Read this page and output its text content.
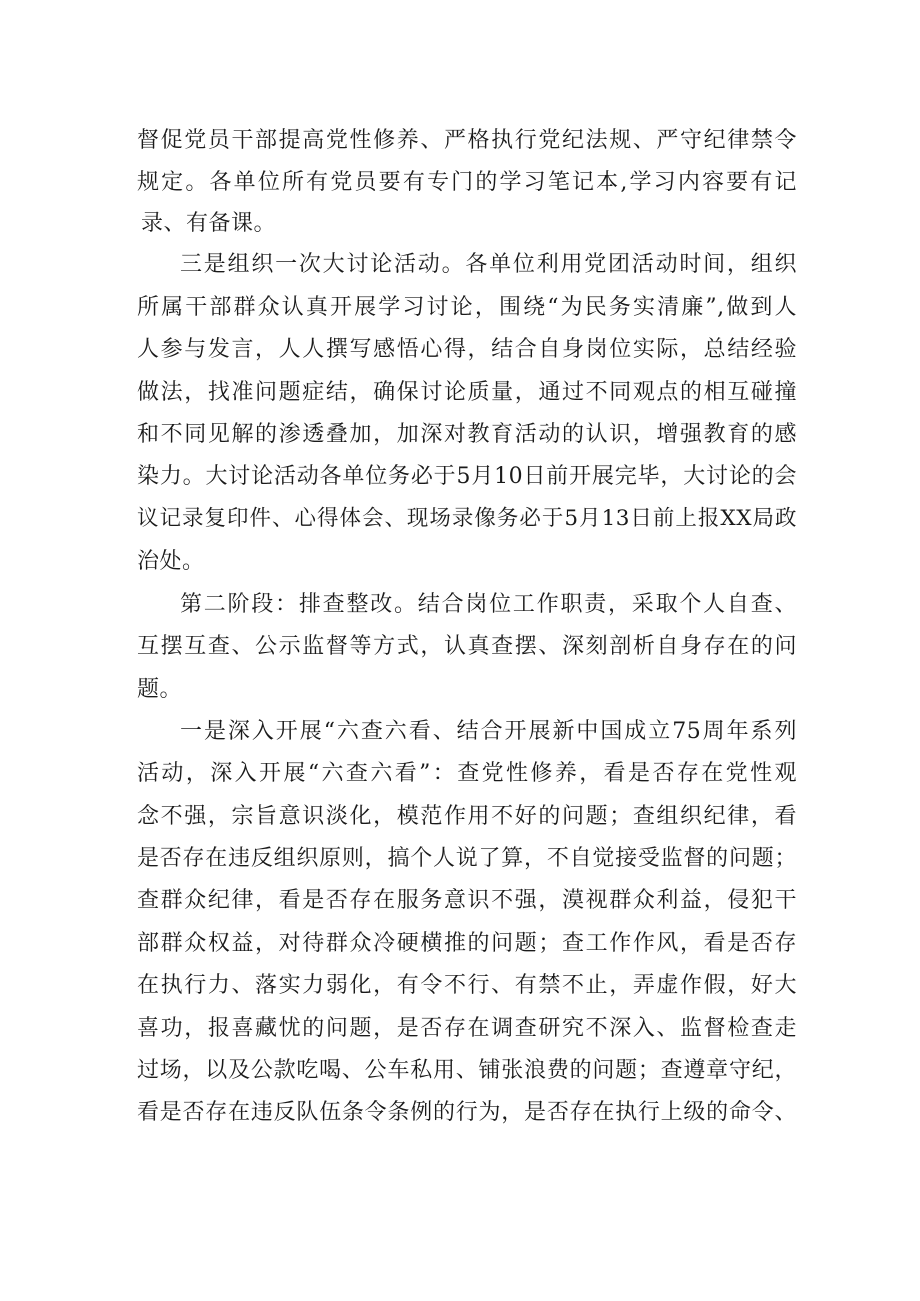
督促党员干部提高党性修养、严格执行党纪法规、严守纪律禁令
规定。各单位所有党员要有专门的学习笔记本,学习内容要有记
录、有备课。
三是组织一次大讨论活动。各单位利用党团活动时间，组织
所属干部群众认真开展学习讨论，围绕“为民务实清廉”,做到人
人参与发言，人人撰写感悟心得，结合自身岗位实际，总结经验
做法，找准问题症结，确保讨论质量，通过不同观点的相互碰撞
和不同见解的渗透叠加，加深对教育活动的认识，增强教育的感
染力。大讨论活动各单位务必于5月10日前开展完毕，大讨论的会
议记录复印件、心得体会、现场录像务必于5月13日前上报XX局政
治处。
第二阶段：排查整改。结合岗位工作职责，采取个人自查、
互摆互查、公示监督等方式，认真查摆、深刻剖析自身存在的问
题。
一是深入开展“六查六看、结合开展新中国成立75周年系列
活动，深入开展“六查六看”：查党性修养，看是否存在党性观
念不强，宗旨意识淡化，模范作用不好的问题；查组织纪律，看
是否存在违反组织原则，搞个人说了算，不自觉接受监督的问题；
查群众纪律，看是否存在服务意识不强，漠视群众利益，侵犯干
部群众权益，对待群众冷硬横推的问题；查工作作风，看是否存
在执行力、落实力弱化，有令不行、有禁不止，弄虚作假，好大
喜功，报喜藏忧的问题，是否存在调查研究不深入、监督检查走
过场，以及公款吃喝、公车私用、铺张浪费的问题；查遵章守纪，
看是否存在违反队伍条令条例的行为，是否存在执行上级的命令、
